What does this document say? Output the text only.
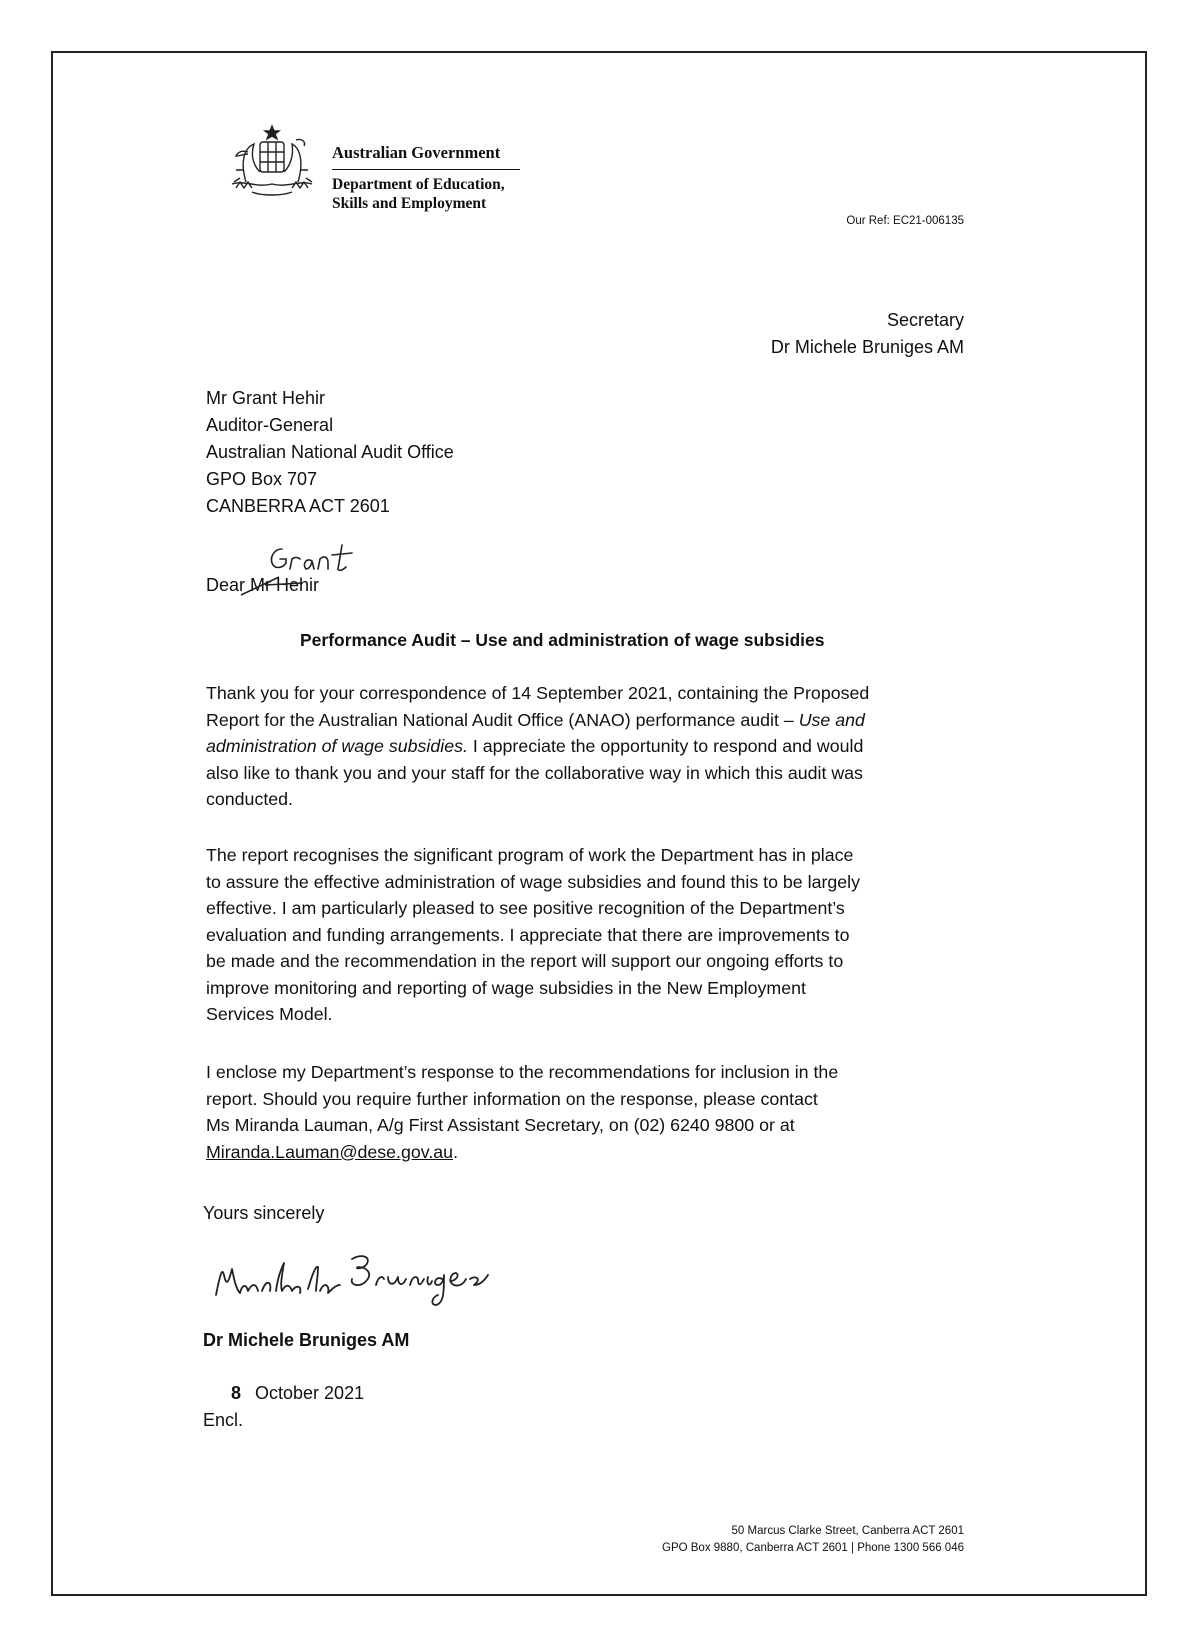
Australian Government
Department of Education,
Skills and Employment
Our Ref: EC21-006135
Secretary
Dr Michele Bruniges AM
Mr Grant Hehir
Auditor-General
Australian National Audit Office
GPO Box 707
CANBERRA ACT 2601
Dear Mr Hehir
Performance Audit – Use and administration of wage subsidies
Thank you for your correspondence of 14 September 2021, containing the Proposed
Report for the Australian National Audit Office (ANAO) performance audit – Use and
administration of wage subsidies. I appreciate the opportunity to respond and would
also like to thank you and your staff for the collaborative way in which this audit was
conducted.
The report recognises the significant program of work the Department has in place
to assure the effective administration of wage subsidies and found this to be largely
effective. I am particularly pleased to see positive recognition of the Department’s
evaluation and funding arrangements. I appreciate that there are improvements to
be made and the recommendation in the report will support our ongoing efforts to
improve monitoring and reporting of wage subsidies in the New Employment
Services Model.
I enclose my Department’s response to the recommendations for inclusion in the
report. Should you require further information on the response, please contact
Ms Miranda Lauman, A/g First Assistant Secretary, on (02) 6240 9800 or at
Miranda.Lauman@dese.gov.au.
Yours sincerely
Dr Michele Bruniges AM
8 October 2021
Encl.
50 Marcus Clarke Street, Canberra ACT 2601
GPO Box 9880, Canberra ACT 2601 | Phone 1300 566 046
